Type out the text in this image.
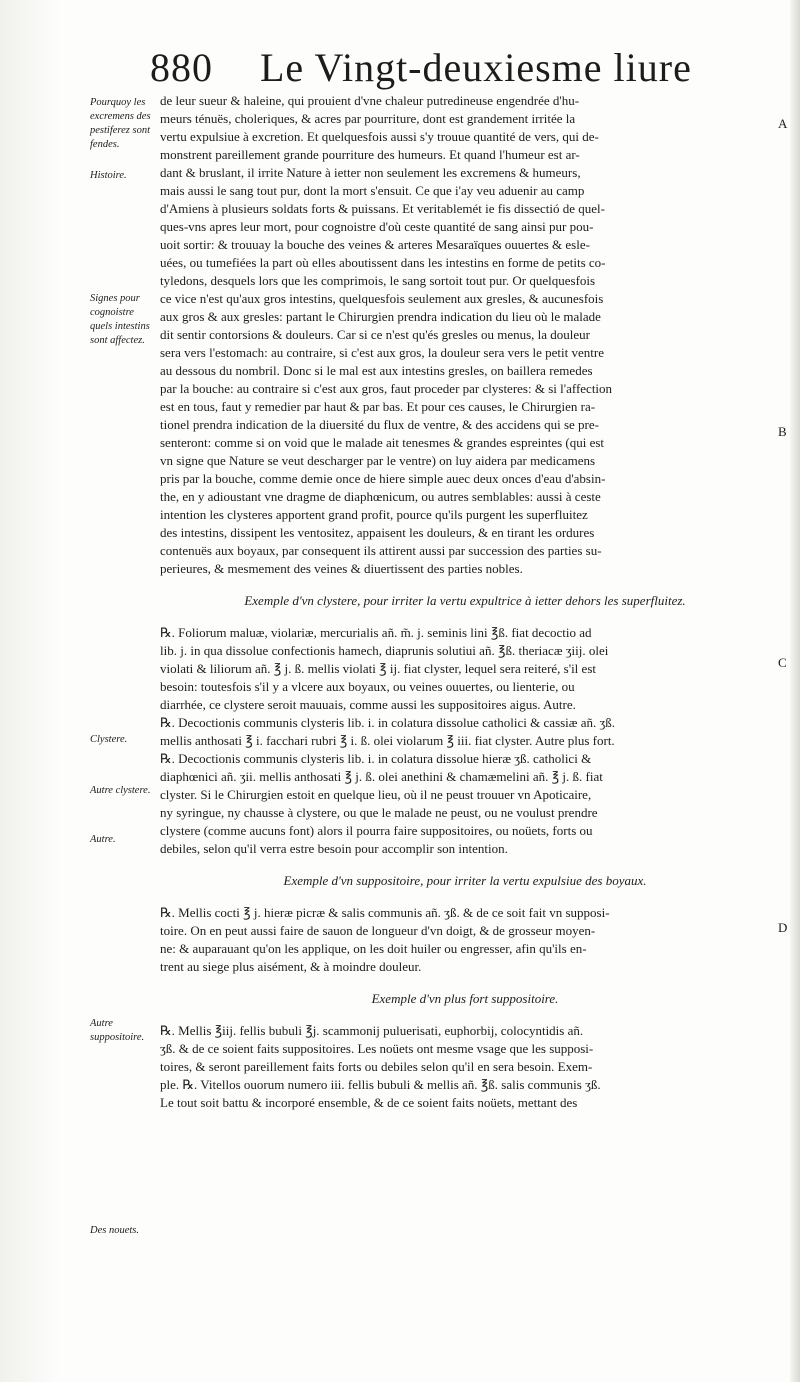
880 Le Vingt-deuxiesme liure
Pourquoy les excremens des pestiferez sont fendes.
Histoire.
Signes pour cognoistre quels intestins sont affectez.
Clystere.
Autre clystere.
Autre.
Autre suppositoire.
Des nouets.
A
B
C
D
de leur sueur & haleine, qui prouient d'vne chaleur putredineuse engendrée d'hu-
meurs ténuës, choleriques, & acres par pourriture, dont est grandement irritée la
vertu expulsiue à excretion. Et quelquesfois aussi s'y trouue quantité de vers, qui de-
monstrent pareillement grande pourriture des humeurs. Et quand l'humeur est ar-
dant & bruslant, il irrite Nature à ietter non seulement les excremens & humeurs,
mais aussi le sang tout pur, dont la mort s'ensuit. Ce que i'ay veu aduenir au camp
d'Amiens à plusieurs soldats forts & puissans. Et veritablemét ie fis dissectió de quel-
ques-vns apres leur mort, pour cognoistre d'où ceste quantité de sang ainsi pur pou-
uoit sortir: & trouuay la bouche des veines & arteres Mesaraïques ouuertes & esle-
uées, ou tumefiées la part où elles aboutissent dans les intestins en forme de petits co-
tyledons, desquels lors que les comprimois, le sang sortoit tout pur. Or quelquesfois
ce vice n'est qu'aux gros intestins, quelquesfois seulement aux gresles, & aucunesfois
aux gros & aux gresles: partant le Chirurgien prendra indication du lieu où le malade
dit sentir contorsions & douleurs. Car si ce n'est qu'és gresles ou menus, la douleur
sera vers l'estomach: au contraire, si c'est aux gros, la douleur sera vers le petit ventre
au dessous du nombril. Donc si le mal est aux intestins gresles, on baillera remedes
par la bouche: au contraire si c'est aux gros, faut proceder par clysteres: & si l'affection
est en tous, faut y remedier par haut & par bas. Et pour ces causes, le Chirurgien ra-
tionel prendra indication de la diuersité du flux de ventre, & des accidens qui se pre-
senteront: comme si on void que le malade ait tenesmes & grandes espreintes (qui est
vn signe que Nature se veut descharger par le ventre) on luy aidera par medicamens
pris par la bouche, comme demie once de hiere simple auec deux onces d'eau d'absin-
the, en y adioustant vne dragme de diaphœnicum, ou autres semblables: aussi à ceste
intention les clysteres apportent grand profit, pource qu'ils purgent les superfluitez
des intestins, dissipent les ventositez, appaisent les douleurs, & en tirant les ordures
contenuës aux boyaux, par consequent ils attirent aussi par succession des parties su-
perieures, & mesmement des veines & diuertissent des parties nobles.
Exemple d'vn clystere, pour irriter la vertu expultrice à ietter dehors les superfluitez.
℞. Foliorum maluæ, violariæ, mercurialis añ. m̃. j. seminis lini ℥ß. fiat decoctio ad
lib. j. in qua dissolue confectionis hamech, diaprunis solutiui añ. ℥ß. theriacæ ʒiij. olei
violati & liliorum añ. ℥ j. ß. mellis violati ℥ ij. fiat clyster, lequel sera reiteré, s'il est
besoin: toutesfois s'il y a vlcere aux boyaux, ou veines ouuertes, ou lienterie, ou
diarrhée, ce clystere seroit mauuais, comme aussi les suppositoires aigus. Autre.
℞. Decoctionis communis clysteris lib. i. in colatura dissolue catholici & cassiæ añ. ʒß.
mellis anthosati ℥ i. facchari rubri ℥ i. ß. olei violarum ℥ iii. fiat clyster. Autre plus fort.
℞. Decoctionis communis clysteris lib. i. in colatura dissolue hieræ ʒß. catholici &
diaphœnici añ. ʒii. mellis anthosati ℥ j. ß. olei anethini & chamæmelini añ. ℥ j. ß. fiat
clyster. Si le Chirurgien estoit en quelque lieu, où il ne peust trouuer vn Apoticaire,
ny syringue, ny chausse à clystere, ou que le malade ne peust, ou ne voulust prendre
clystere (comme aucuns font) alors il pourra faire suppositoires, ou noüets, forts ou
debiles, selon qu'il verra estre besoin pour accomplir son intention.
Exemple d'vn suppositoire, pour irriter la vertu expulsiue des boyaux.
℞. Mellis cocti ℥ j. hieræ picræ & salis communis añ. ʒß. & de ce soit fait vn supposi-
toire. On en peut aussi faire de sauon de longueur d'vn doigt, & de grosseur moyen-
ne: & auparauant qu'on les applique, on les doit huiler ou engresser, afin qu'ils en-
trent au siege plus aisément, & à moindre douleur.
Exemple d'vn plus fort suppositoire.
℞. Mellis ℥iij. fellis bubuli ℥j. scammonij puluerisati, euphorbij, colocyntidis añ.
ʒß. & de ce soient faits suppositoires. Les noüets ont mesme vsage que les supposi-
toires, & seront pareillement faits forts ou debiles selon qu'il en sera besoin. Exem-
ple. ℞. Vitellos ouorum numero iii. fellis bubuli & mellis añ. ℥ß. salis communis ʒß.
Le tout soit battu & incorporé ensemble, & de ce soient faits noüets, mettant des
